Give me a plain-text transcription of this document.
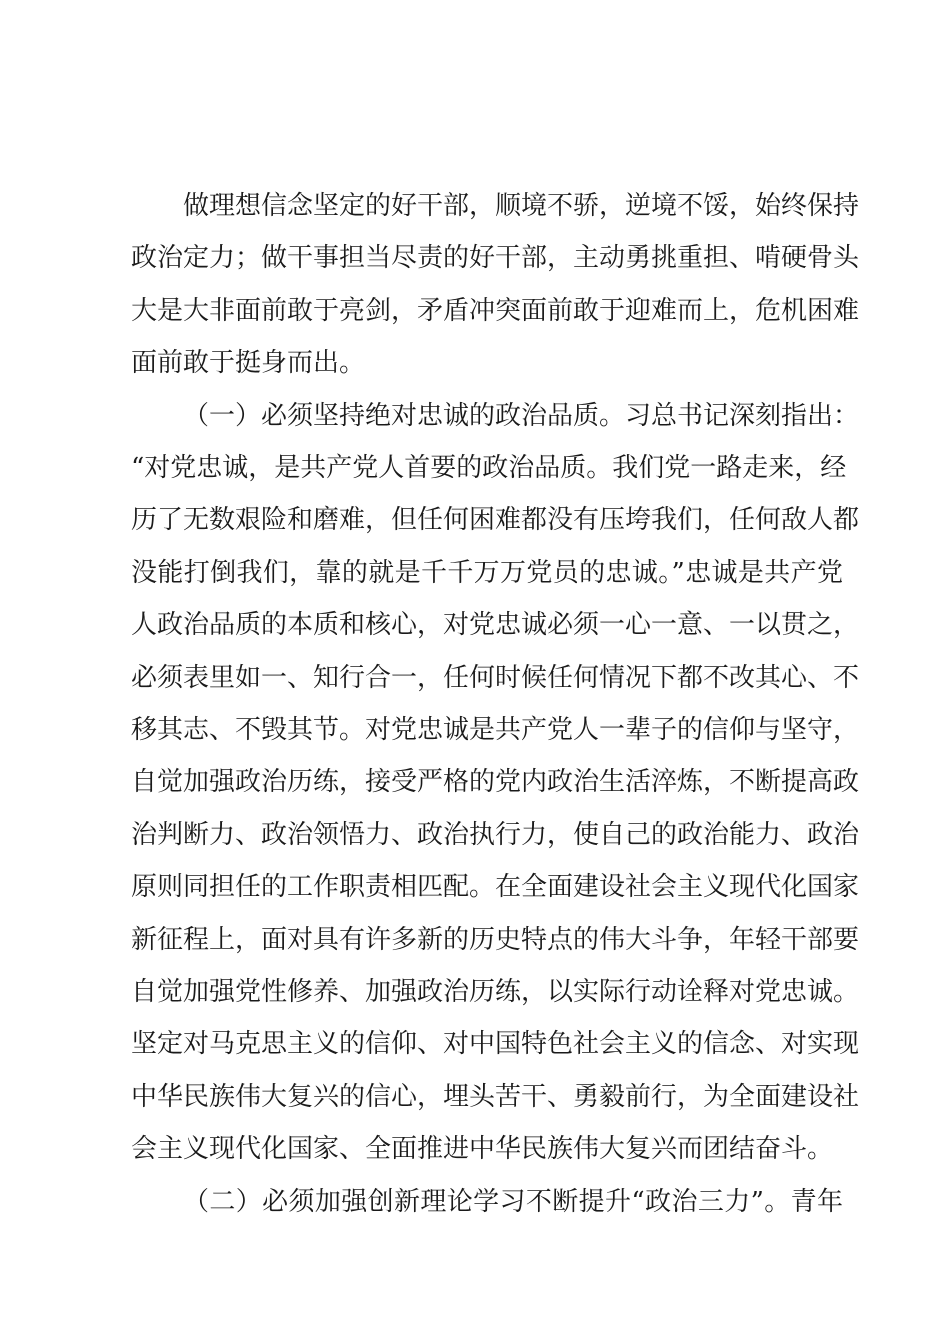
做理想信念坚定的好干部，顺境不骄，逆境不馁，始终保持
政治定力；做干事担当尽责的好干部，主动勇挑重担、啃硬骨头
大是大非面前敢于亮剑，矛盾冲突面前敢于迎难而上，危机困难
面前敢于挺身而出。
（一）必须坚持绝对忠诚的政治品质。习总书记深刻指出：
“对党忠诚，是共产党人首要的政治品质。我们党一路走来，经
历了无数艰险和磨难，但任何困难都没有压垮我们，任何敌人都
没能打倒我们，靠的就是千千万万党员的忠诚。”忠诚是共产党
人政治品质的本质和核心，对党忠诚必须一心一意、一以贯之，
必须表里如一、知行合一，任何时候任何情况下都不改其心、不
移其志、不毁其节。对党忠诚是共产党人一辈子的信仰与坚守，
自觉加强政治历练，接受严格的党内政治生活淬炼，不断提高政
治判断力、政治领悟力、政治执行力，使自己的政治能力、政治
原则同担任的工作职责相匹配。在全面建设社会主义现代化国家
新征程上，面对具有许多新的历史特点的伟大斗争，年轻干部要
自觉加强党性修养、加强政治历练，以实际行动诠释对党忠诚。
坚定对马克思主义的信仰、对中国特色社会主义的信念、对实现
中华民族伟大复兴的信心，埋头苦干、勇毅前行，为全面建设社
会主义现代化国家、全面推进中华民族伟大复兴而团结奋斗。
（二）必须加强创新理论学习不断提升“政治三力”。青年
